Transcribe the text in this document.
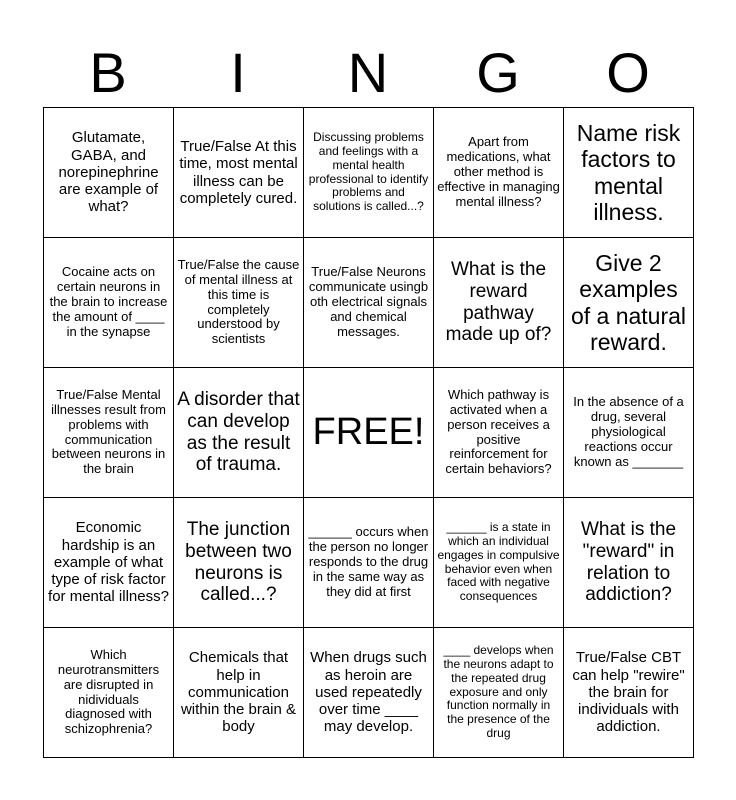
B	I	N	G	O
Glutamate, GABA, and norepinephrine are example of what?	True/False At this time, most mental illness can be completely cured.	Discussing problems and feelings with a mental health professional to identify problems and solutions is called...?	Apart from medications, what other method is effective in managing mental illness?	Name risk factors to mental illness.
Cocaine acts on certain neurons in the brain to increase the amount of ____ in the synapse	True/False the cause of mental illness at this time is completely understood by scientists	True/False Neurons communicate usingb oth electrical signals and chemical messages.	What is the reward pathway made up of?	Give 2 examples of a natural reward.
True/False Mental illnesses result from problems with communication between neurons in the brain	A disorder that can develop as the result of trauma.	FREE!	Which pathway is activated when a person receives a positive reinforcement for certain behaviors?	In the absence of a drug, several physiological reactions occur known as _______
Economic hardship is an example of what type of risk factor for mental illness?	The junction between two neurons is called...?	______ occurs when the person no longer responds to the drug in the same way as they did at first	______ is a state in which an individual engages in compulsive behavior even when faced with negative consequences	What is the "reward" in relation to addiction?
Which neurotransmitters are disrupted in nidividuals diagnosed with schizophrenia?	Chemicals that help in communication within the brain & body	When drugs such as heroin are used repeatedly over time ____ may develop.	____ develops when the neurons adapt to the repeated drug exposure and only function normally in the presence of the drug	True/False CBT can help "rewire" the brain for individuals with addiction.
